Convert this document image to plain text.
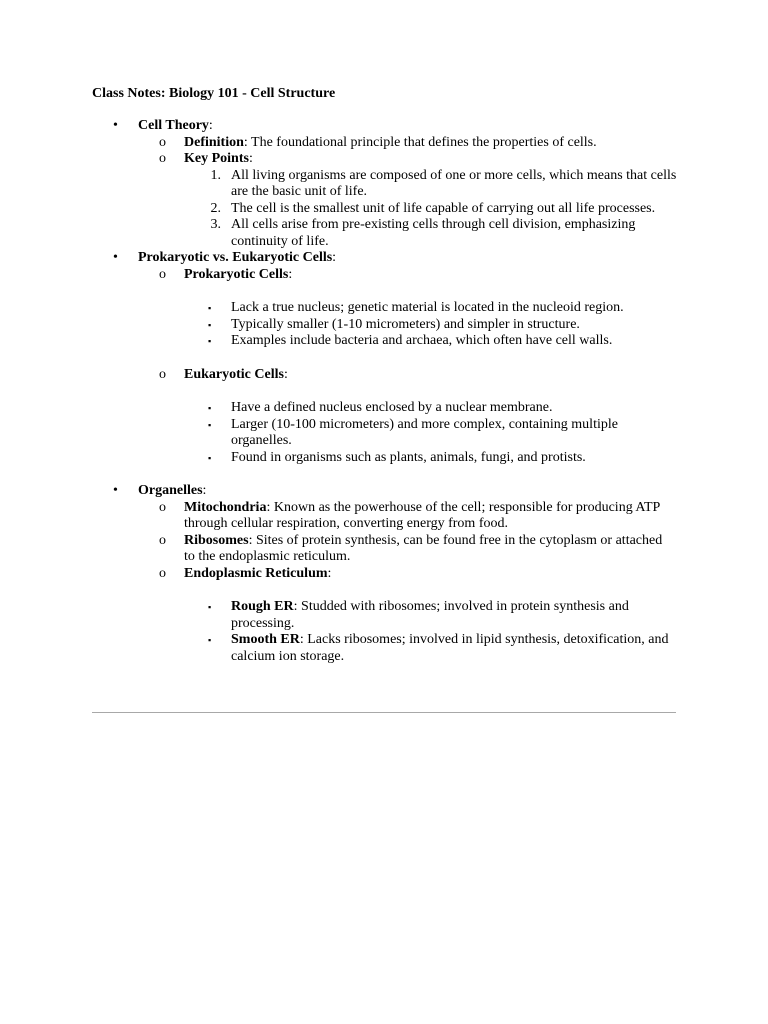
Class Notes: Biology 101 - Cell Structure
• Cell Theory:
o Definition: The foundational principle that defines the properties of cells.
o Key Points:
1. All living organisms are composed of one or more cells, which means that cells are the basic unit of life.
2. The cell is the smallest unit of life capable of carrying out all life processes.
3. All cells arise from pre-existing cells through cell division, emphasizing continuity of life.
• Prokaryotic vs. Eukaryotic Cells:
o Prokaryotic Cells:
▪ Lack a true nucleus; genetic material is located in the nucleoid region.
▪ Typically smaller (1-10 micrometers) and simpler in structure.
▪ Examples include bacteria and archaea, which often have cell walls.
o Eukaryotic Cells:
▪ Have a defined nucleus enclosed by a nuclear membrane.
▪ Larger (10-100 micrometers) and more complex, containing multiple organelles.
▪ Found in organisms such as plants, animals, fungi, and protists.
• Organelles:
o Mitochondria: Known as the powerhouse of the cell; responsible for producing ATP through cellular respiration, converting energy from food.
o Ribosomes: Sites of protein synthesis, can be found free in the cytoplasm or attached to the endoplasmic reticulum.
o Endoplasmic Reticulum:
▪ Rough ER: Studded with ribosomes; involved in protein synthesis and processing.
▪ Smooth ER: Lacks ribosomes; involved in lipid synthesis, detoxification, and calcium ion storage.
